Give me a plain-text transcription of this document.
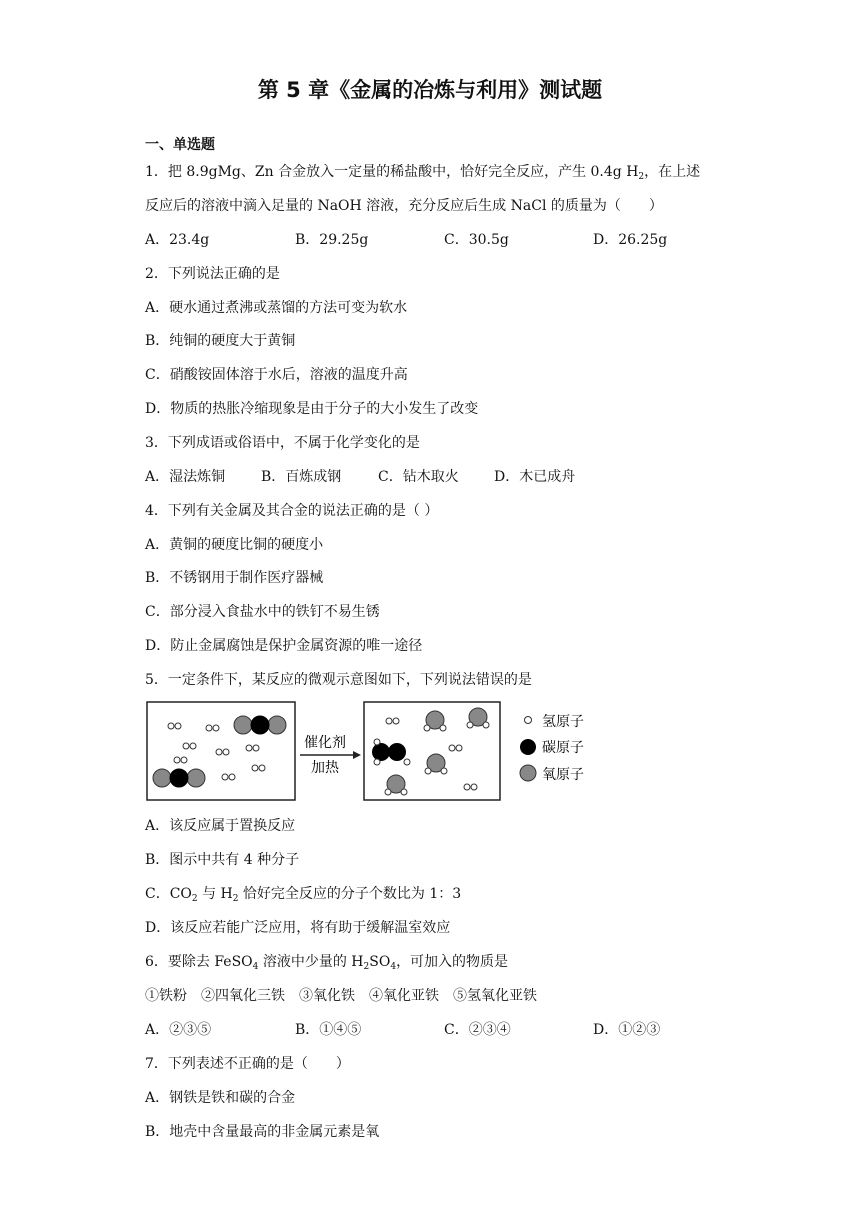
第 5 章《金属的冶炼与利用》测试题
一、单选题
1．把 8.9gMg、Zn 合金放入一定量的稀盐酸中，恰好完全反应，产生 0.4g $H_2$，在上述
反应后的溶液中滴入足量的 NaOH 溶液，充分反应后生成 NaCl 的质量为（　　）
A．23.4g	B．29.25g	C．30.5g	D．26.25g
2．下列说法正确的是
A．硬水通过煮沸或蒸馏的方法可变为软水
B．纯铜的硬度大于黄铜
C．硝酸铵固体溶于水后，溶液的温度升高
D．物质的热胀冷缩现象是由于分子的大小发生了改变
3．下列成语或俗语中，不属于化学变化的是
A．湿法炼铜	B．百炼成钢	C．钻木取火	D．木已成舟
4．下列有关金属及其合金的说法正确的是（ ）
A．黄铜的硬度比铜的硬度小
B．不锈钢用于制作医疗器械
C．部分浸入食盐水中的铁钉不易生锈
D．防止金属腐蚀是保护金属资源的唯一途径
5．一定条件下，某反应的微观示意图如下，下列说法错误的是
催化剂
加热
氢原子
碳原子
氧原子
A．该反应属于置换反应
B．图示中共有 4 种分子
C．$CO_2$ 与 $H_2$ 恰好完全反应的分子个数比为 1：3
D．该反应若能广泛应用，将有助于缓解温室效应
6．要除去 FeSO$_4$ 溶液中少量的 $H_2SO_4$，可加入的物质是
①铁粉　②四氧化三铁　③氧化铁　④氧化亚铁　⑤氢氧化亚铁
A．②③⑤	B．①④⑤	C．②③④	D．①②③
7．下列表述不正确的是（　　）
A．钢铁是铁和碳的合金
B．地壳中含量最高的非金属元素是氧
